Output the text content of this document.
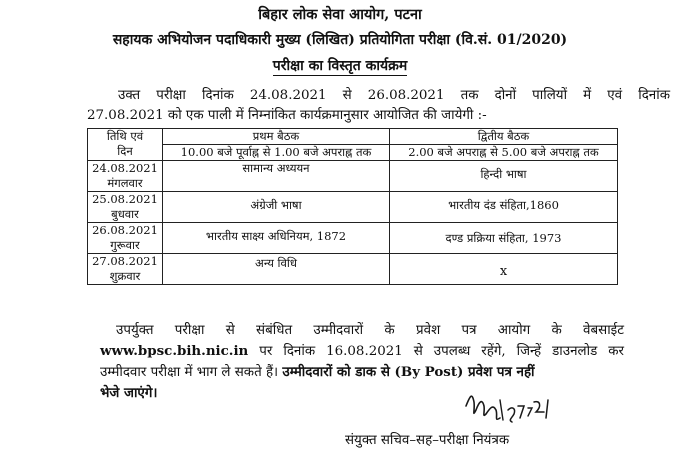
बिहार लोक सेवा आयोग, पटना
सहायक अभियोजन पदाधिकारी मुख्य (लिखित) प्रतियोगिता परीक्षा (वि.सं. 01/2020)
परीक्षा का विस्तृत कार्यक्रम
उक्त परीक्षा दिनांक 24.08.2021 से 26.08.2021 तक दोनों पालियों में एवं दिनांक
27.08.2021 को एक पाली में निम्नांकित कार्यक्रमानुसार आयोजित की जायेगी :-
तिथि एवं
दिन	प्रथम बैठक	द्वितीय बैठक
	10.00 बजे पूर्वाह्न से 1.00 बजे अपराह्न तक	2.00 बजे अपराह्न से 5.00 बजे अपराह्न तक

24.08.2021
मंगलवार	सामान्य अध्ययन	हिन्दी भाषा

25.08.2021
बुधवार	अंग्रेजी भाषा	भारतीय दंड संहिता,1860

26.08.2021
गुरूवार	भारतीय साक्ष्य अधिनियम, 1872	दण्ड प्रक्रिया संहिता, 1973

27.08.2021
शुक्रवार	अन्य विधि	x
उपर्युक्त परीक्षा से संबंधित उम्मीदवारों के प्रवेश पत्र आयोग के वेबसाईट
www.bpsc.bih.nic.in पर दिनांक 16.08.2021 से उपलब्ध रहेंगे, जिन्हें डाउनलोड कर
उम्मीदवार परीक्षा में भाग ले सकते हैं। उम्मीदवारों को डाक से (By Post) प्रवेश पत्र नहीं
भेजे जाएंगे।
संयुक्त सचिव–सह–परीक्षा नियंत्रक
